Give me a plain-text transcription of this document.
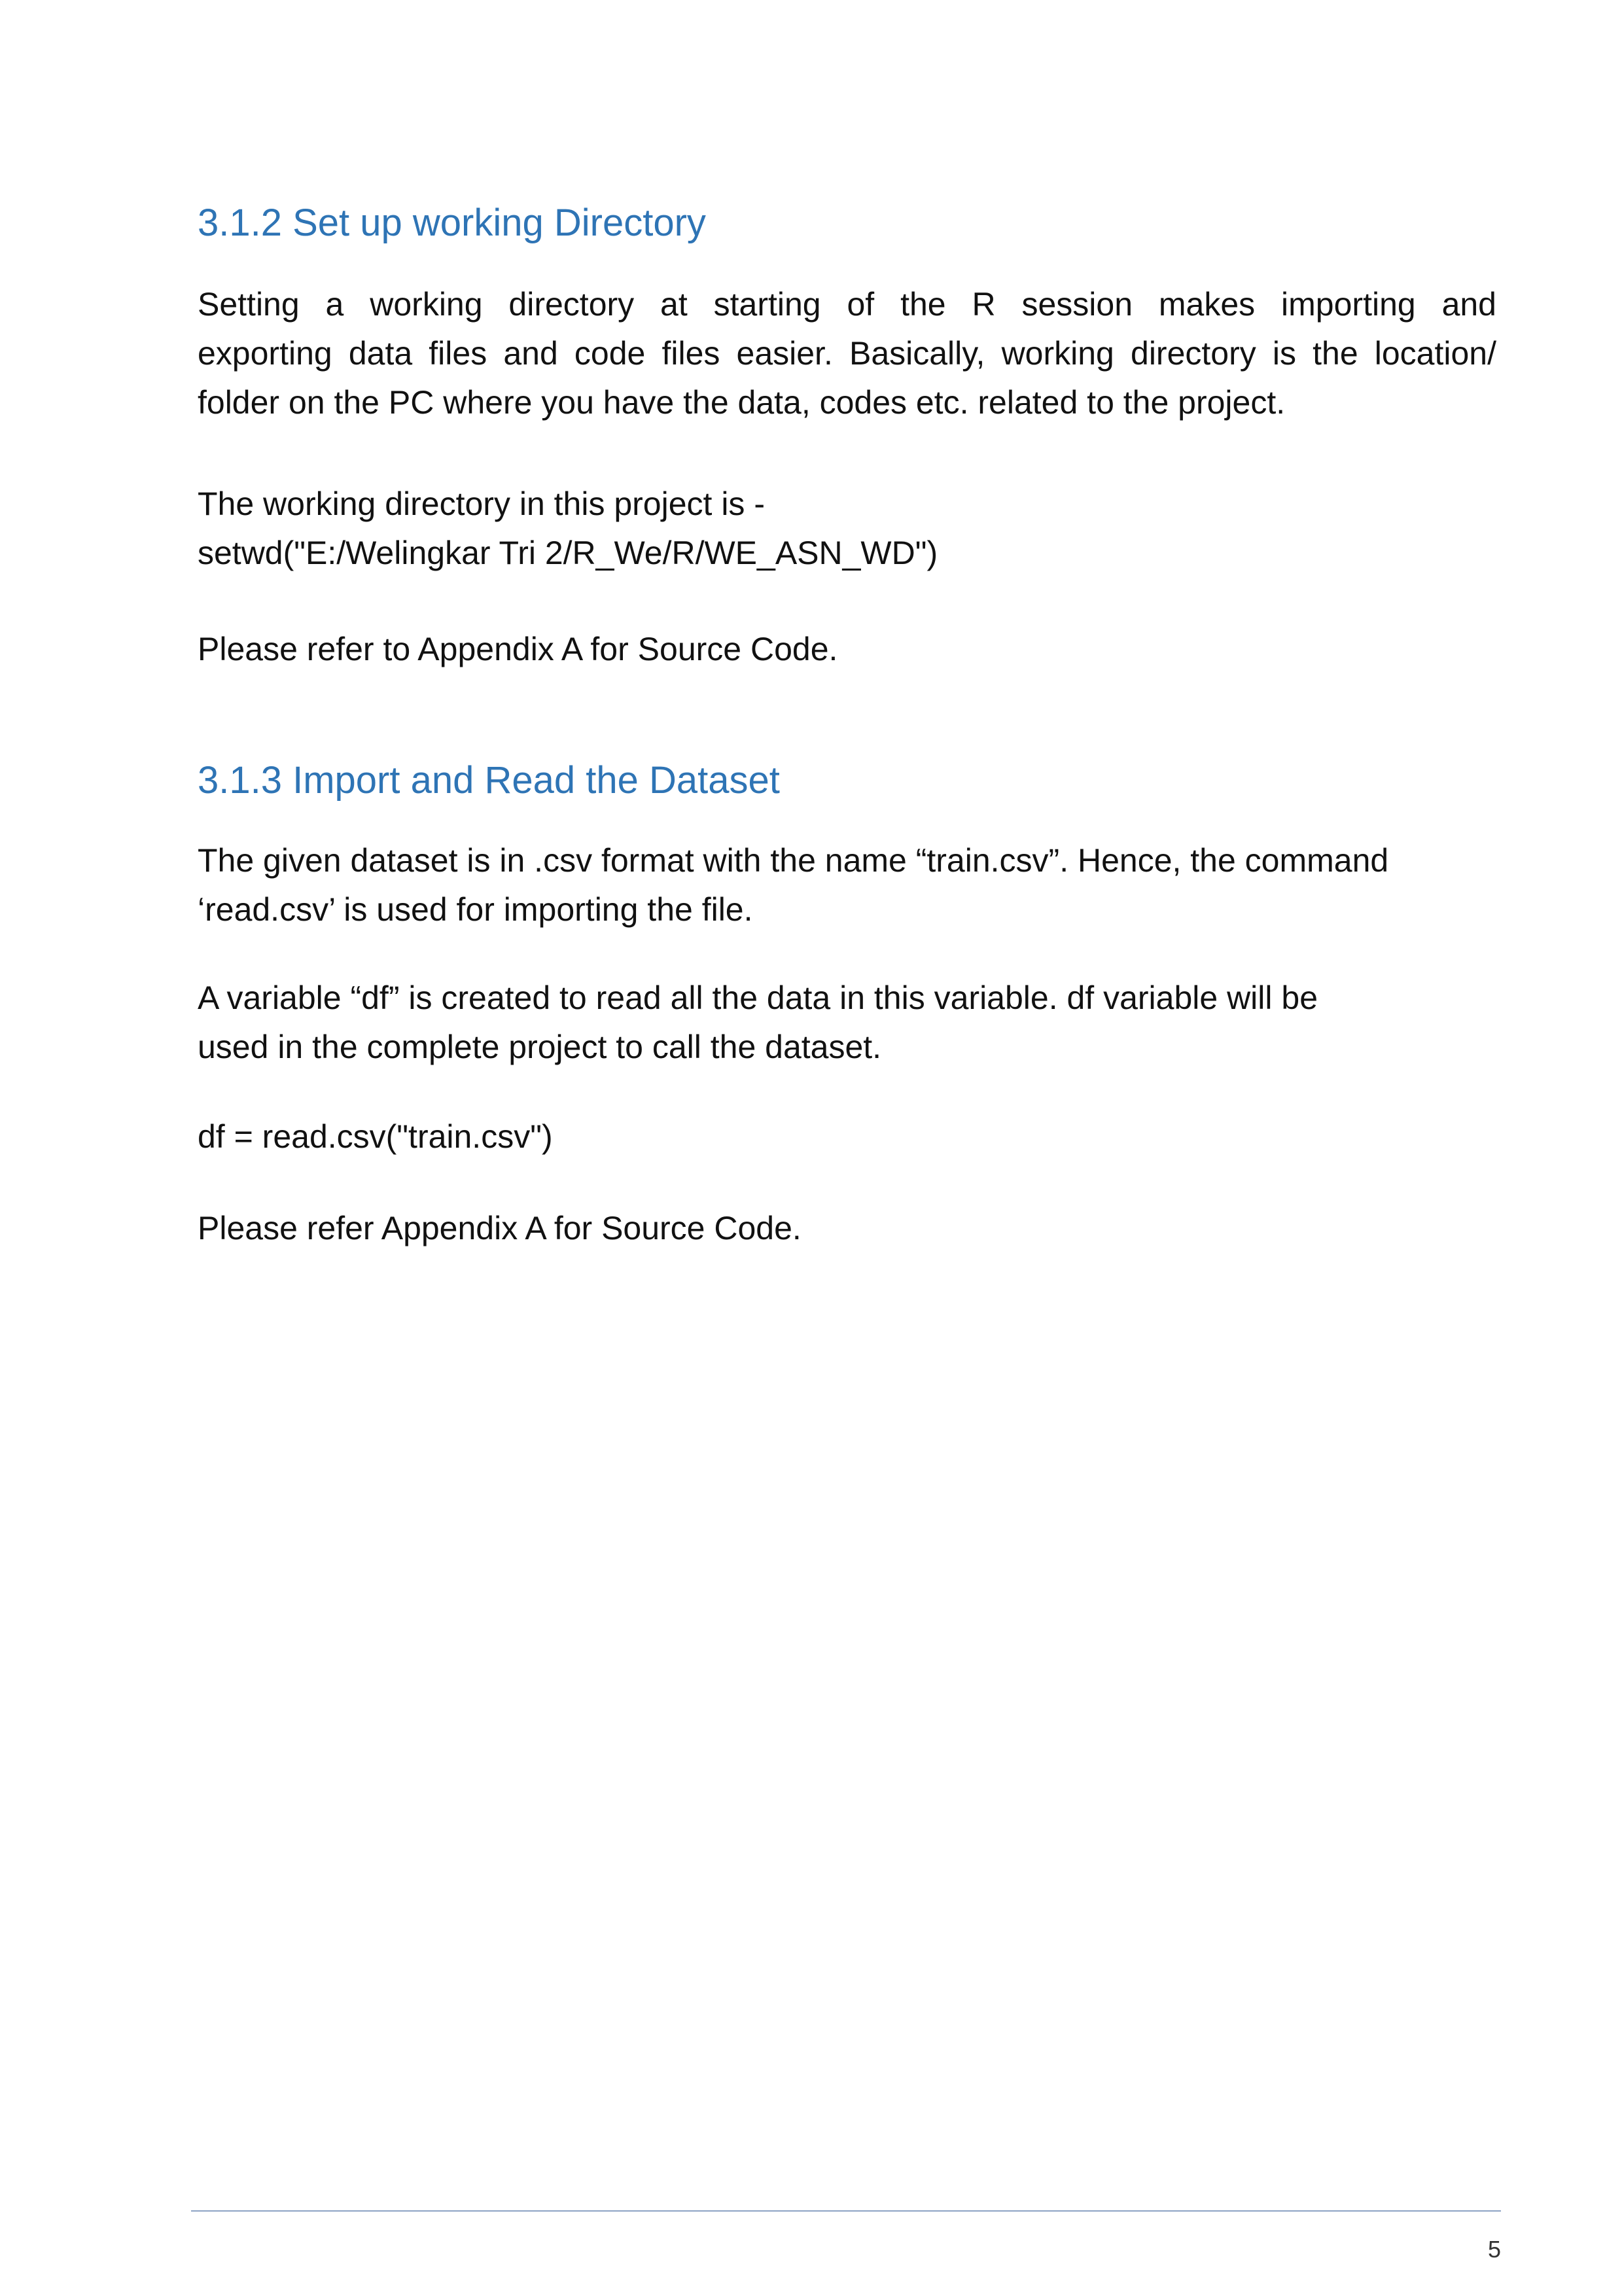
3.1.2 Set up working Directory
Setting a working directory at starting of the R session makes importing and
exporting data files and code files easier. Basically, working directory is the location/
folder on the PC where you have the data, codes etc. related to the project.
The working directory in this project is -
setwd("E:/Welingkar Tri 2/R_We/R/WE_ASN_WD")

Please refer to Appendix A for Source Code.

3.1.3 Import and Read the Dataset
The given dataset is in .csv format with the name “train.csv”. Hence, the command
‘read.csv’ is used for importing the file.
A variable “df” is created to read all the data in this variable. df variable will be
used in the complete project to call the dataset.

df = read.csv("train.csv")

Please refer Appendix A for Source Code.

5
